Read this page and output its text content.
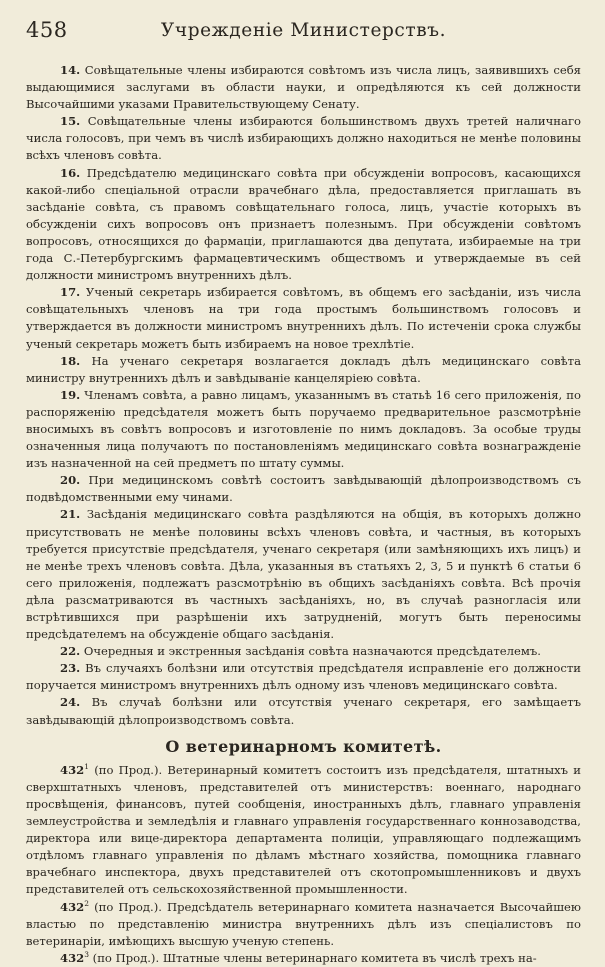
458	Учрежденіе Министерствъ.

14. Совѣщательные члены избираются совѣтомъ изъ числа лицъ, заявившихъ себя выдающимися заслугами въ области науки, и опредѣляются къ сей должности Высочайшими указами Правительствующему Сенату.

15. Совѣщательные члены избираются большинствомъ двухъ третей наличнаго числа голосовъ, при чемъ въ числѣ избирающихъ должно находиться не менѣе половины всѣхъ членовъ совѣта.

16. Предсѣдателю медицинскаго совѣта при обсужденіи вопросовъ, касающихся какой-либо спеціальной отрасли врачебнаго дѣла, предоставляется приглашать въ засѣданіе совѣта, съ правомъ совѣщательнаго голоса, лицъ, участіе которыхъ въ обсужденіи сихъ вопросовъ онъ признаетъ полезнымъ. При обсужденіи совѣтомъ вопросовъ, относящихся до фармаціи, приглашаются два депутата, избираемые на три года С.-Петербургскимъ фармацевтическимъ обществомъ и утверждаемые въ сей должности министромъ внутреннихъ дѣлъ.

17. Ученый секретарь избирается совѣтомъ, въ общемъ его засѣданіи, изъ числа совѣщательныхъ членовъ на три года простымъ большинствомъ голосовъ и утверждается въ должности министромъ внутреннихъ дѣлъ. По истеченіи срока службы ученый секретарь можетъ быть избираемъ на новое трехлѣтіе.

18. На ученаго секретаря возлагается докладъ дѣлъ медицинскаго совѣта министру внутреннихъ дѣлъ и завѣдываніе канцеляріею совѣта.

19. Членамъ совѣта, а равно лицамъ, указаннымъ въ статьѣ 16 сего приложенія, по распоряженію предсѣдателя можетъ быть поручаемо предварительное разсмотрѣніе вносимыхъ въ совѣтъ вопросовъ и изготовленіе по нимъ докладовъ. За особые труды означенныя лица получаютъ по постановленіямъ медицинскаго совѣта вознагражденіе изъ назначенной на сей предметъ по штату суммы.

20. При медицинскомъ совѣтѣ состоитъ завѣдывающій дѣлопроизводствомъ съ подвѣдомственными ему чинами.

21. Засѣданія медицинскаго совѣта раздѣляются на общія, въ которыхъ должно присутствовать не менѣе половины всѣхъ членовъ совѣта, и частныя, въ которыхъ требуется присутствіе предсѣдателя, ученаго секретаря (или замѣняющихъ ихъ лицъ) и не менѣе трехъ членовъ совѣта. Дѣла, указанныя въ статьяхъ 2, 3, 5 и пунктѣ 6 статьи 6 сего приложенія, подлежатъ разсмотрѣнію въ общихъ засѣданіяхъ совѣта. Всѣ прочія дѣла разсматриваются въ частныхъ засѣданіяхъ, но, въ случаѣ разногласія или встрѣтившихся при разрѣшеніи ихъ затрудненій, могутъ быть переносимы предсѣдателемъ на обсужденіе общаго засѣданія.

22. Очередныя и экстренныя засѣданія совѣта назначаются предсѣдателемъ.

23. Въ случаяхъ болѣзни или отсутствія предсѣдателя исправленіе его должности поручается министромъ внутреннихъ дѣлъ одному изъ членовъ медицинскаго совѣта.

24. Въ случаѣ болѣзни или отсутствія ученаго секретаря, его замѣщаетъ завѣдывающій дѣлопроизводствомъ совѣта.

О ветеринарномъ комитетѣ.

$432^1$ (по Прод.). Ветеринарный комитетъ состоитъ изъ предсѣдателя, штатныхъ и сверхштатныхъ членовъ, представителей отъ министерствъ: военнаго, народнаго просвѣщенія, финансовъ, путей сообщенія, иностранныхъ дѣлъ, главнаго управленія землеустройства и земледѣлія и главнаго управленія государственнаго коннозаводства, директора или вице-директора департамента полиціи, управляющаго подлежащимъ отдѣломъ главнаго управленія по дѣламъ мѣстнаго хозяйства, помощника главнаго врачебнаго инспектора, двухъ представителей отъ скотопромышленниковъ и двухъ представителей отъ сельскохозяйственной промышленности.

$432^2$ (по Прод.). Предсѣдатель ветеринарнаго комитета назначается Высочайшею властью по представленію министра внутреннихъ дѣлъ изъ спеціалистовъ по ветеринаріи, имѣющихъ высшую ученую степень.

$432^3$ (по Прод.). Штатные члены ветеринарнаго комитета въ числѣ трехъ на-
